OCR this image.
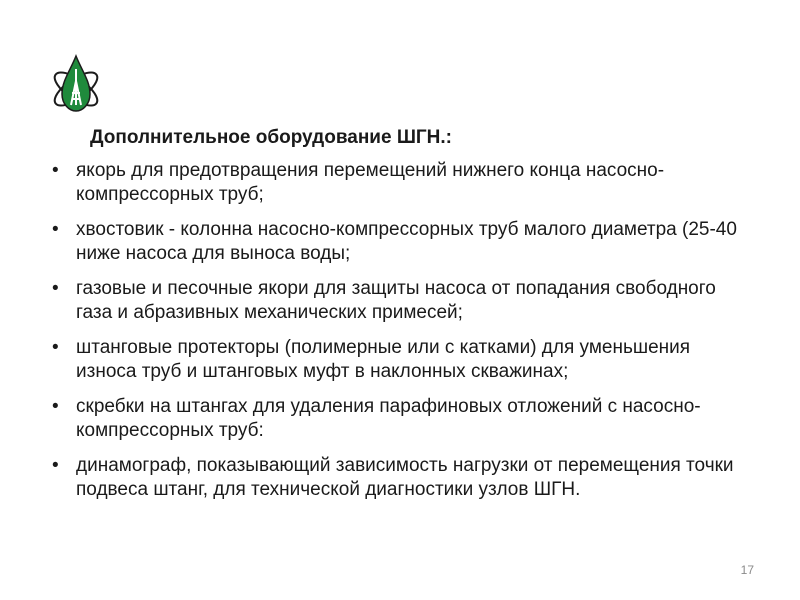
Дополнительное оборудование ШГН.:
• якорь для предотвращения перемещений нижнего конца насосно-компрессорных труб;
• хвостовик - колонна насосно-компрессорных труб малого диаметра (25-40 ниже насоса для выноса воды;
• газовые и песочные якори для защиты насоса от попадания свободного газа и абразивных механических примесей;
• штанговые протекторы (полимерные или с катками) для уменьшения износа труб и штанговых муфт в наклонных скважинах;
• скребки на штангах для удаления парафиновых отложений с насосно-компрессорных труб:
• динамограф, показывающий зависимость нагрузки от перемещения точки подвеса штанг, для технической диагностики узлов ШГН.
17
